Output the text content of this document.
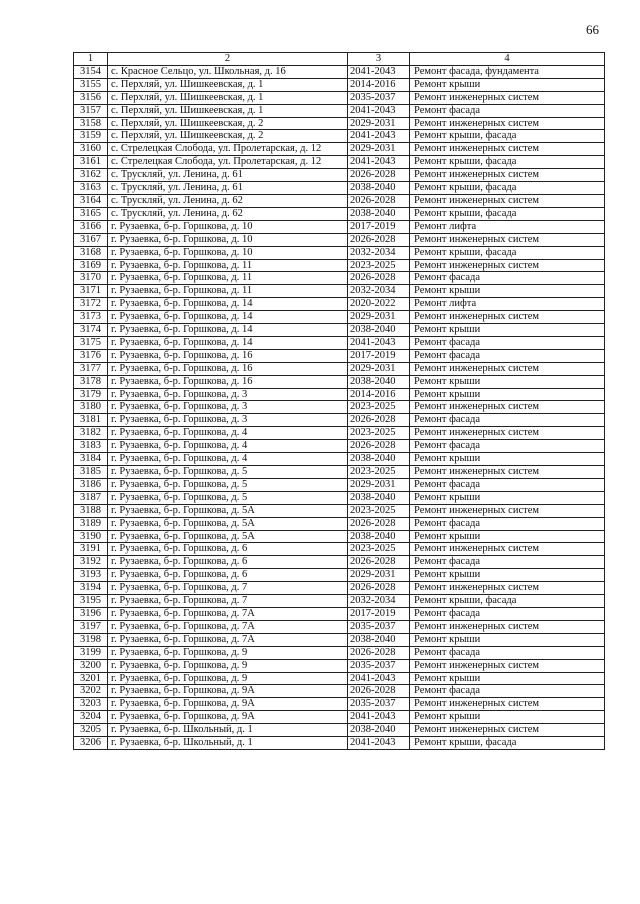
66
1	2	3	4
3154	с. Красное Сельцо, ул. Школьная, д. 16	2041-2043	Ремонт фасада, фундамента
3155	с. Перхляй, ул. Шишкеевская, д. 1	2014-2016	Ремонт крыши
3156	с. Перхляй, ул. Шишкеевская, д. 1	2035-2037	Ремонт инженерных систем
3157	с. Перхляй, ул. Шишкеевская, д. 1	2041-2043	Ремонт фасада
3158	с. Перхляй, ул. Шишкеевская, д. 2	2029-2031	Ремонт инженерных систем
3159	с. Перхляй, ул. Шишкеевская, д. 2	2041-2043	Ремонт крыши, фасада
3160	с. Стрелецкая Слобода, ул. Пролетарская, д. 12	2029-2031	Ремонт инженерных систем
3161	с. Стрелецкая Слобода, ул. Пролетарская, д. 12	2041-2043	Ремонт крыши, фасада
3162	с. Трускляй, ул. Ленина, д. 61	2026-2028	Ремонт инженерных систем
3163	с. Трускляй, ул. Ленина, д. 61	2038-2040	Ремонт крыши, фасада
3164	с. Трускляй, ул. Ленина, д. 62	2026-2028	Ремонт инженерных систем
3165	с. Трускляй, ул. Ленина, д. 62	2038-2040	Ремонт крыши, фасада
3166	г. Рузаевка, б-р. Горшкова, д. 10	2017-2019	Ремонт лифта
3167	г. Рузаевка, б-р. Горшкова, д. 10	2026-2028	Ремонт инженерных систем
3168	г. Рузаевка, б-р. Горшкова, д. 10	2032-2034	Ремонт крыши, фасада
3169	г. Рузаевка, б-р. Горшкова, д. 11	2023-2025	Ремонт инженерных систем
3170	г. Рузаевка, б-р. Горшкова, д. 11	2026-2028	Ремонт фасада
3171	г. Рузаевка, б-р. Горшкова, д. 11	2032-2034	Ремонт крыши
3172	г. Рузаевка, б-р. Горшкова, д. 14	2020-2022	Ремонт лифта
3173	г. Рузаевка, б-р. Горшкова, д. 14	2029-2031	Ремонт инженерных систем
3174	г. Рузаевка, б-р. Горшкова, д. 14	2038-2040	Ремонт крыши
3175	г. Рузаевка, б-р. Горшкова, д. 14	2041-2043	Ремонт фасада
3176	г. Рузаевка, б-р. Горшкова, д. 16	2017-2019	Ремонт фасада
3177	г. Рузаевка, б-р. Горшкова, д. 16	2029-2031	Ремонт инженерных систем
3178	г. Рузаевка, б-р. Горшкова, д. 16	2038-2040	Ремонт крыши
3179	г. Рузаевка, б-р. Горшкова, д. 3	2014-2016	Ремонт крыши
3180	г. Рузаевка, б-р. Горшкова, д. 3	2023-2025	Ремонт инженерных систем
3181	г. Рузаевка, б-р. Горшкова, д. 3	2026-2028	Ремонт фасада
3182	г. Рузаевка, б-р. Горшкова, д. 4	2023-2025	Ремонт инженерных систем
3183	г. Рузаевка, б-р. Горшкова, д. 4	2026-2028	Ремонт фасада
3184	г. Рузаевка, б-р. Горшкова, д. 4	2038-2040	Ремонт крыши
3185	г. Рузаевка, б-р. Горшкова, д. 5	2023-2025	Ремонт инженерных систем
3186	г. Рузаевка, б-р. Горшкова, д. 5	2029-2031	Ремонт фасада
3187	г. Рузаевка, б-р. Горшкова, д. 5	2038-2040	Ремонт крыши
3188	г. Рузаевка, б-р. Горшкова, д. 5А	2023-2025	Ремонт инженерных систем
3189	г. Рузаевка, б-р. Горшкова, д. 5А	2026-2028	Ремонт фасада
3190	г. Рузаевка, б-р. Горшкова, д. 5А	2038-2040	Ремонт крыши
3191	г. Рузаевка, б-р. Горшкова, д. 6	2023-2025	Ремонт инженерных систем
3192	г. Рузаевка, б-р. Горшкова, д. 6	2026-2028	Ремонт фасада
3193	г. Рузаевка, б-р. Горшкова, д. 6	2029-2031	Ремонт крыши
3194	г. Рузаевка, б-р. Горшкова, д. 7	2026-2028	Ремонт инженерных систем
3195	г. Рузаевка, б-р. Горшкова, д. 7	2032-2034	Ремонт крыши, фасада
3196	г. Рузаевка, б-р. Горшкова, д. 7А	2017-2019	Ремонт фасада
3197	г. Рузаевка, б-р. Горшкова, д. 7А	2035-2037	Ремонт инженерных систем
3198	г. Рузаевка, б-р. Горшкова, д. 7А	2038-2040	Ремонт крыши
3199	г. Рузаевка, б-р. Горшкова, д. 9	2026-2028	Ремонт фасада
3200	г. Рузаевка, б-р. Горшкова, д. 9	2035-2037	Ремонт инженерных систем
3201	г. Рузаевка, б-р. Горшкова, д. 9	2041-2043	Ремонт крыши
3202	г. Рузаевка, б-р. Горшкова, д. 9А	2026-2028	Ремонт фасада
3203	г. Рузаевка, б-р. Горшкова, д. 9А	2035-2037	Ремонт инженерных систем
3204	г. Рузаевка, б-р. Горшкова, д. 9А	2041-2043	Ремонт крыши
3205	г. Рузаевка, б-р. Школьный, д. 1	2038-2040	Ремонт инженерных систем
3206	г. Рузаевка, б-р. Школьный, д. 1	2041-2043	Ремонт крыши, фасада
